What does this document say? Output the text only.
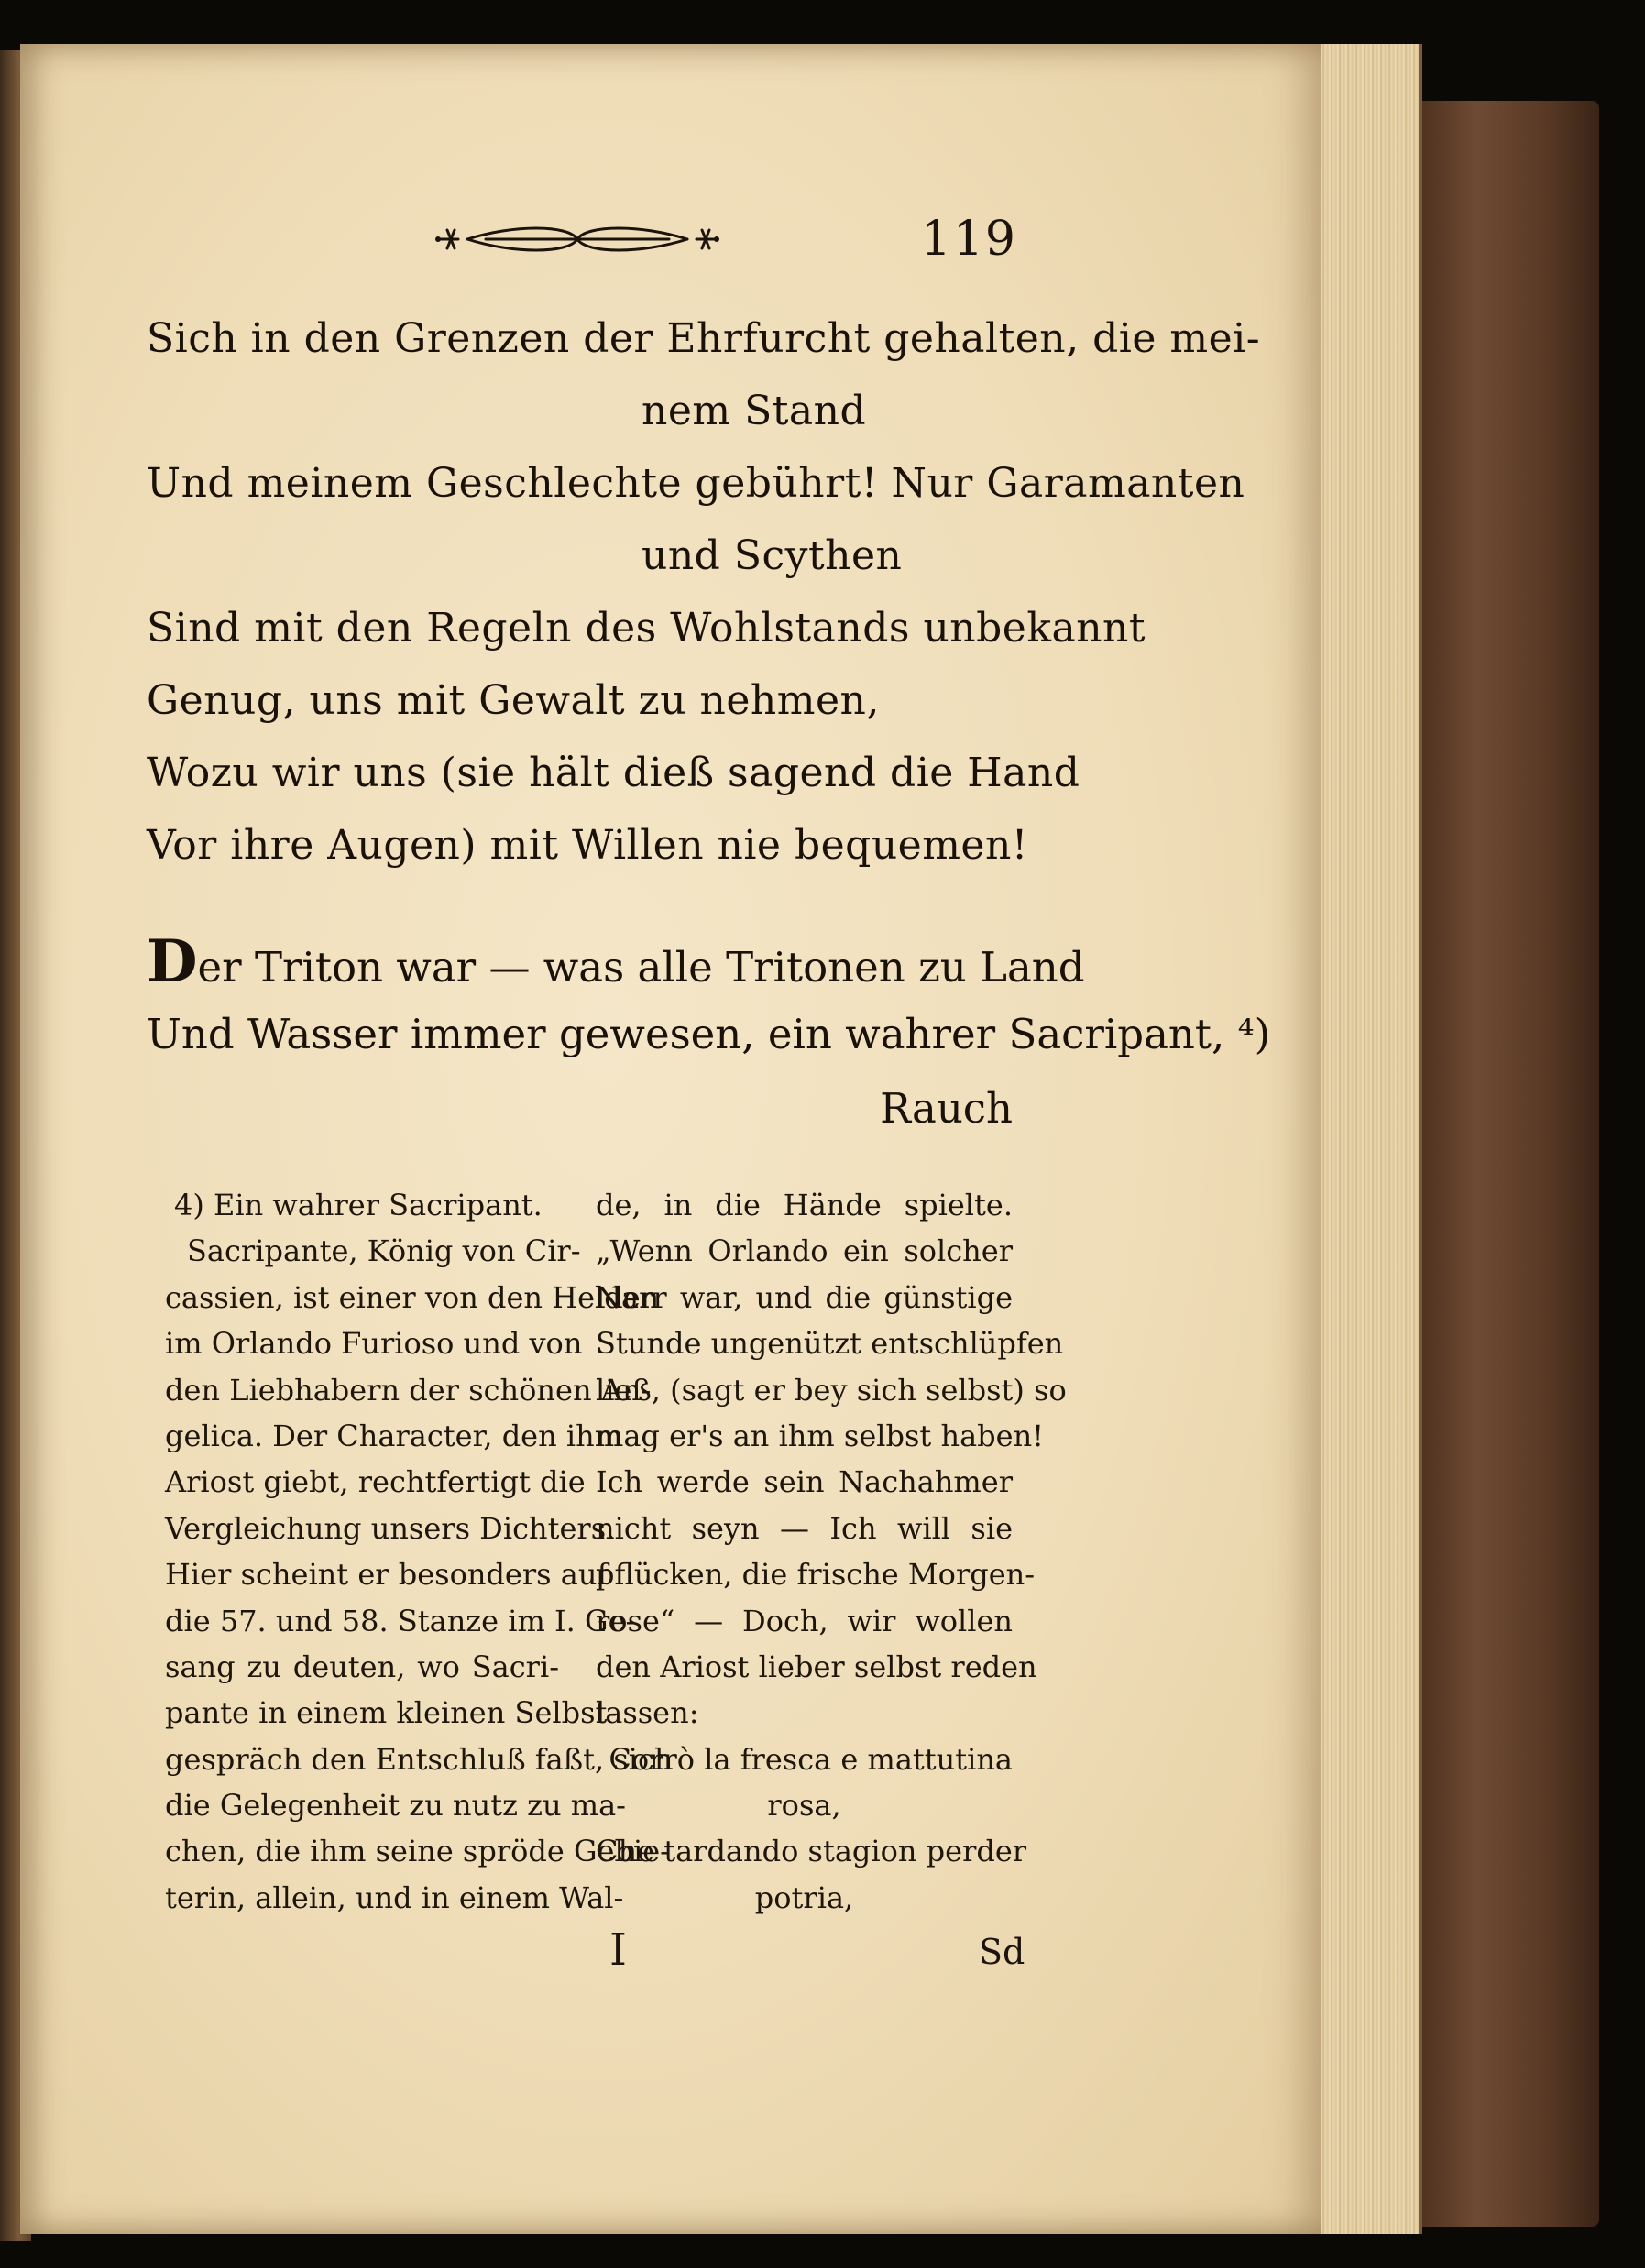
119
Sich in den Grenzen der Ehrfurcht gehalten, die mei-
nem Stand
Und meinem Geschlechte gebührt! Nur Garamanten
und Scythen
Sind mit den Regeln des Wohlstands unbekannt
Genug, uns mit Gewalt zu nehmen,
Wozu wir uns (sie hält dieß sagend die Hand
Vor ihre Augen) mit Willen nie bequemen!
Der Triton war — was alle Tritonen zu Land
Und Wasser immer gewesen, ein wahrer Sacripant, ⁴)
Rauch
4) Ein wahrer Sacripant.
Sacripante, König von Cir-
cassien, ist einer von den Helden
im Orlando Furioso und von
den Liebhabern der schönen An-
gelica. Der Character, den ihm
Ariost giebt, rechtfertigt die
Vergleichung unsers Dichters.
Hier scheint er besonders auf
die 57. und 58. Stanze im I. Ge-
sang zu deuten, wo Sacri-
pante in einem kleinen Selbst-
gespräch den Entschluß faßt, sich
die Gelegenheit zu nutz zu ma-
chen, die ihm seine spröde Gebie-
terin, allein, und in einem Wal-
de, in die Hände spielte.
„Wenn Orlando ein solcher
Narr war, und die günstige
Stunde ungenützt entschlüpfen
ließ, (sagt er bey sich selbst) so
mag er's an ihm selbst haben!
Ich werde sein Nachahmer
nicht seyn — Ich will sie
pflücken, die frische Morgen-
rose“ — Doch, wir wollen
den Ariost lieber selbst reden
lassen:
Corrò la fresca e mattutina
rosa,
Che tardando stagion perder
potria,
I	Sd
